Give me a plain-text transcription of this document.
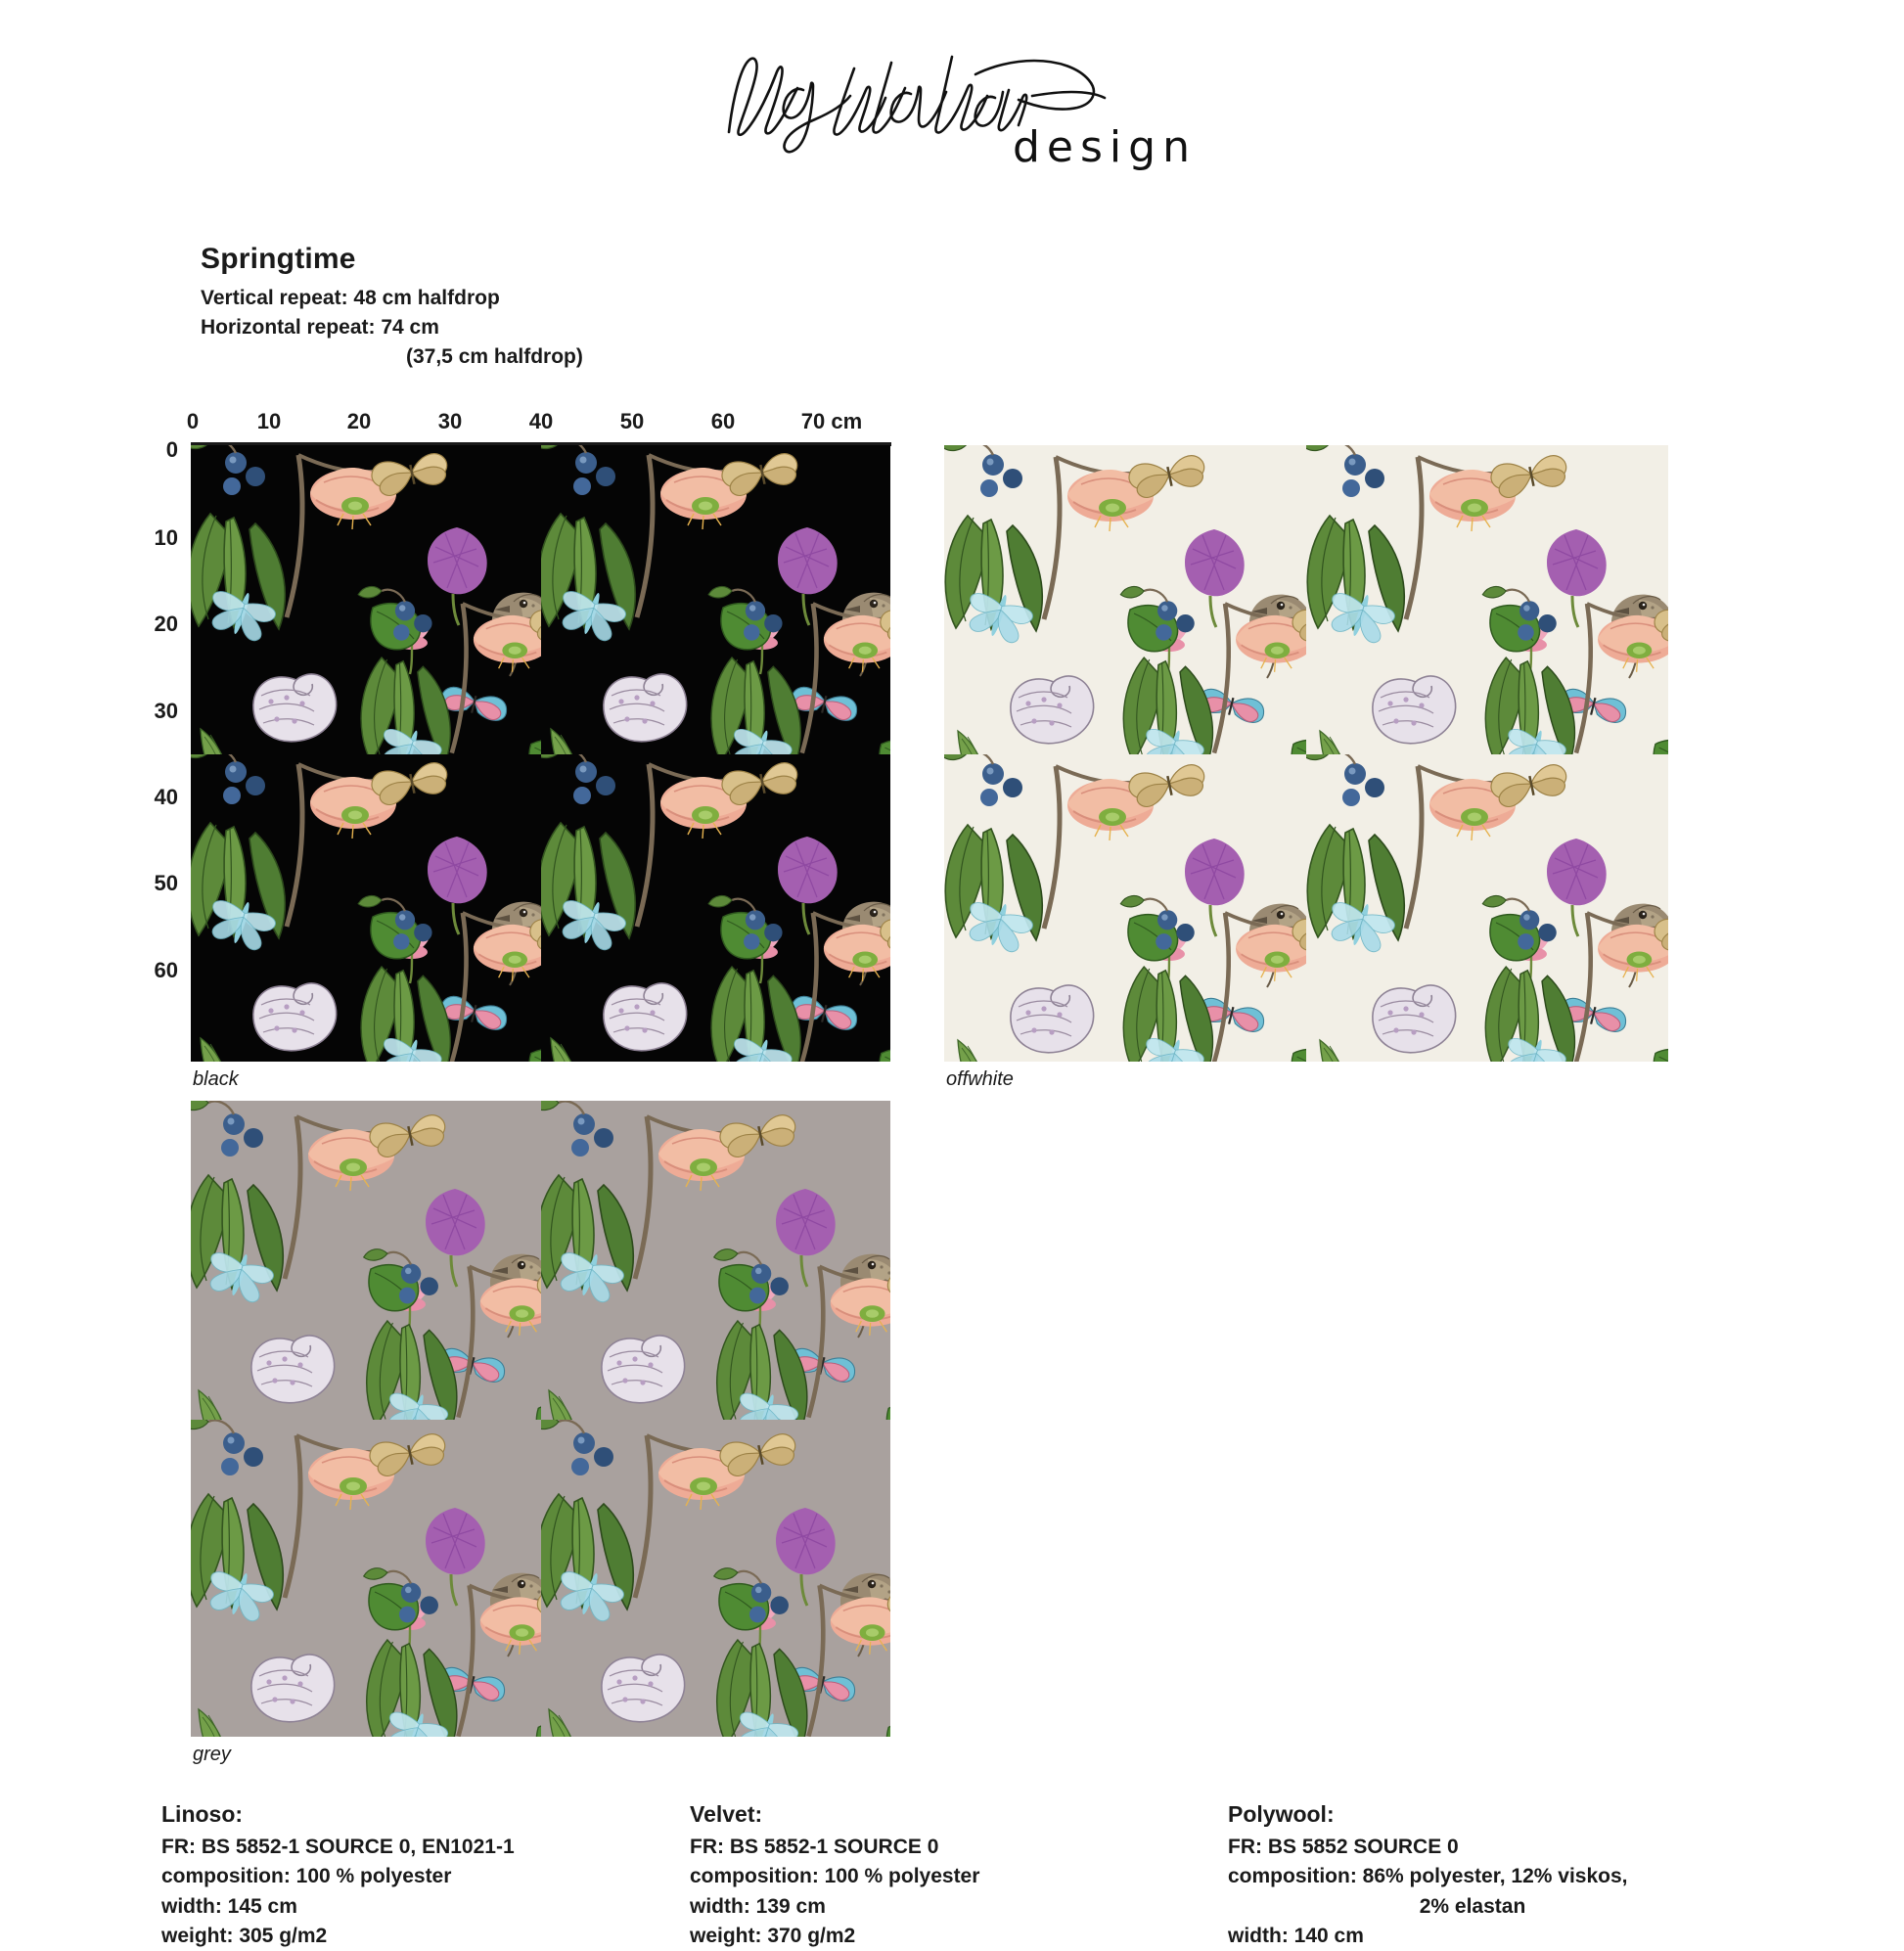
design
Springtime
Vertical repeat: 48 cm halfdrop
Horizontal repeat: 74 cm
(37,5 cm halfdrop)
0	10	20	30	40	50	60	70 cm
0
10
20
30
40
50
60
black	offwhite
grey
Linoso:
FR: BS 5852-1 SOURCE 0, EN1021-1
composition: 100 % polyester
width: 145 cm
weight: 305 g/m2
Velvet:
FR: BS 5852-1 SOURCE 0
composition: 100 % polyester
width: 139 cm
weight: 370 g/m2
Polywool:
FR: BS 5852 SOURCE 0
composition: 86% polyester, 12% viskos,
2% elastan
width: 140 cm
